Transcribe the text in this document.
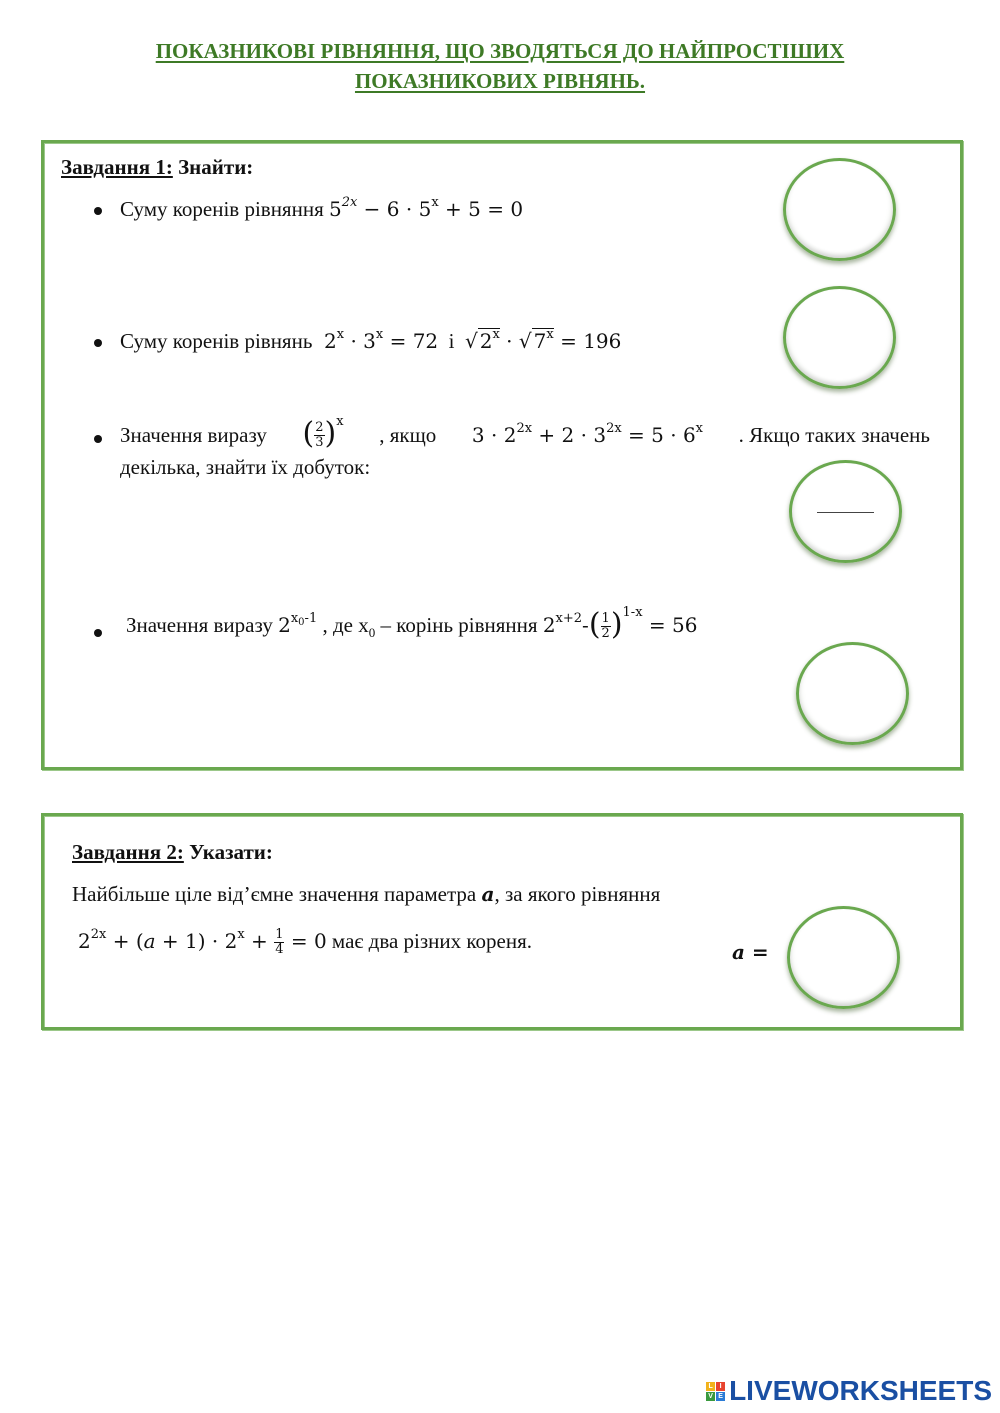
ПОКАЗНИКОВІ РІВНЯННЯ, ЩО ЗВОДЯТЬСЯ ДО НАЙПРОСТІШИХ
ПОКАЗНИКОВИХ РІВНЯНЬ.
Завдання 1: Знайти:
Суму коренів рівняння $5^{2x} - 6 \cdot 5^x + 5 = 0$
Суму коренів рівнянь  $2^x \cdot 3^x = 72$ і √ $2^x$ · √ $7^x = 196$
Значення виразу ( $\frac{2}{3} )^x$
, якщо $3 \cdot 2^{2x} + 2 \cdot 3^{2x} = 5 \cdot 6^x$ . Якщо таких значень
декілька, знайти їх добуток:
Значення виразу $2^{x_0-1}$ , де $x_0$ – корінь рівняння $2^{x+2}-( \frac{1}{2} )^{1-x} = 56$
Завдання 2: Указати:
Найбільше ціле від’ємне значення параметра a, за якого рівняння
$2^{2x} + (a + 1) \cdot 2^x + \frac{1}{4} = 0$ має два різних кореня.	a =
L I
V E LIVEWORKSHEETS
